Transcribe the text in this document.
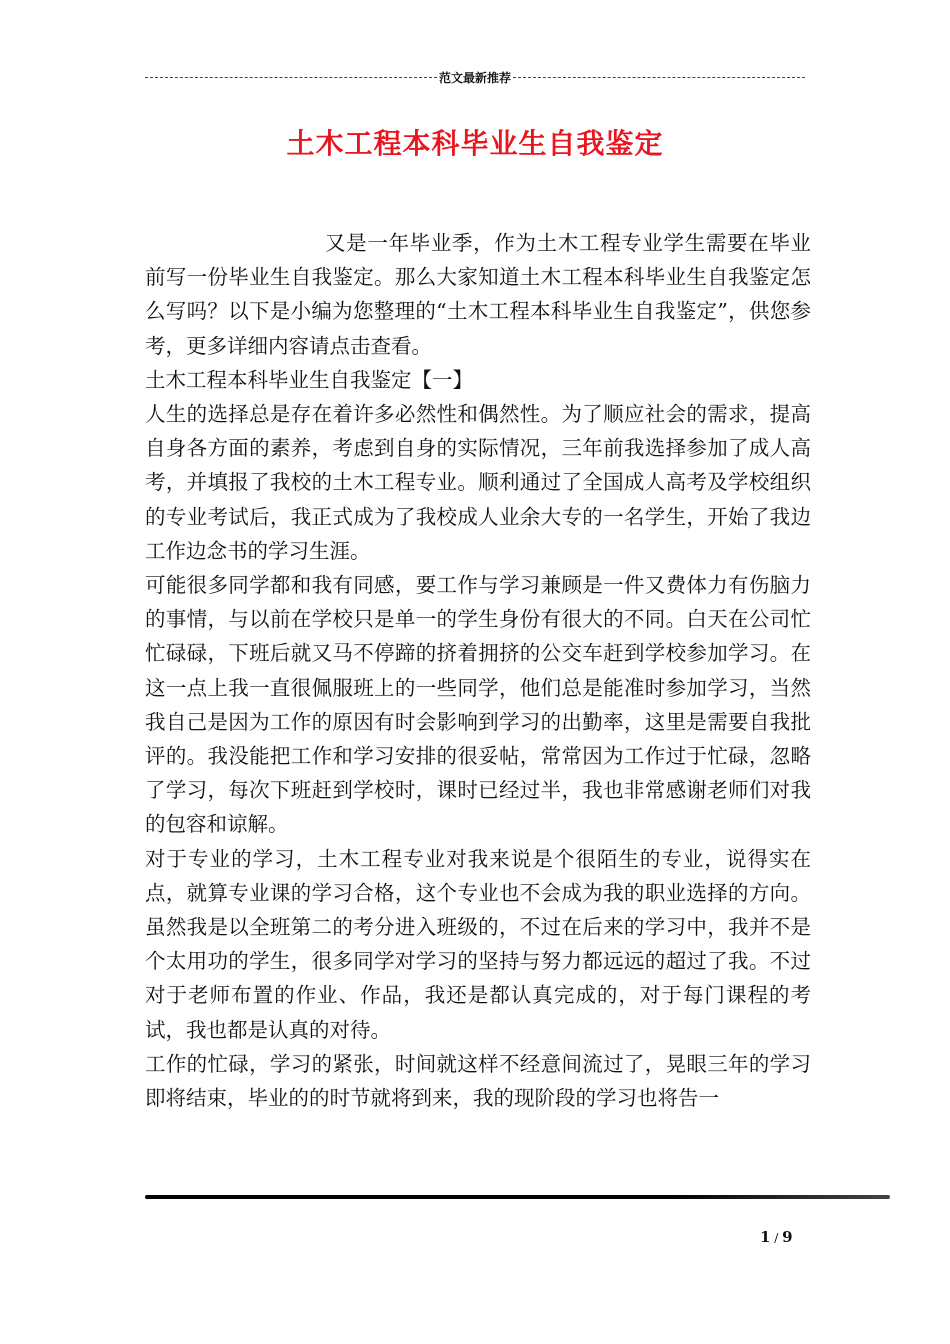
范文最新推荐
土木工程本科毕业生自我鉴定

又是一年毕业季，作为土木工程专业学生需要在毕业前写一份毕业生自我鉴定。那么大家知道土木工程本科毕业生自我鉴定怎么写吗？以下是小编为您整理的“土木工程本科毕业生自我鉴定”，供您参考，更多详细内容请点击查看。

土木工程本科毕业生自我鉴定【一】

人生的选择总是存在着许多必然性和偶然性。为了顺应社会的需求，提高自身各方面的素养，考虑到自身的实际情况，三年前我选择参加了成人高考，并填报了我校的土木工程专业。顺利通过了全国成人高考及学校组织的专业考试后，我正式成为了我校成人业余大专的一名学生，开始了我边工作边念书的学习生涯。

可能很多同学都和我有同感，要工作与学习兼顾是一件又费体力有伤脑力的事情，与以前在学校只是单一的学生身份有很大的不同。白天在公司忙忙碌碌，下班后就又马不停蹄的挤着拥挤的公交车赶到学校参加学习。在这一点上我一直很佩服班上的一些同学，他们总是能准时参加学习，当然我自己是因为工作的原因有时会影响到学习的出勤率，这里是需要自我批评的。我没能把工作和学习安排的很妥帖，常常因为工作过于忙碌，忽略了学习，每次下班赶到学校时，课时已经过半，我也非常感谢老师们对我的包容和谅解。

对于专业的学习，土木工程专业对我来说是个很陌生的专业，说得实在点，就算专业课的学习合格，这个专业也不会成为我的职业选择的方向。虽然我是以全班第二的考分进入班级的，不过在后来的学习中，我并不是个太用功的学生，很多同学对学习的坚持与努力都远远的超过了我。不过对于老师布置的作业、作品，我还是都认真完成的，对于每门课程的考试，我也都是认真的对待。

工作的忙碌，学习的紧张，时间就这样不经意间流过了，晃眼三年的学习即将结束，毕业的的时节就将到来，我的现阶段的学习也将告一

1 / 9
